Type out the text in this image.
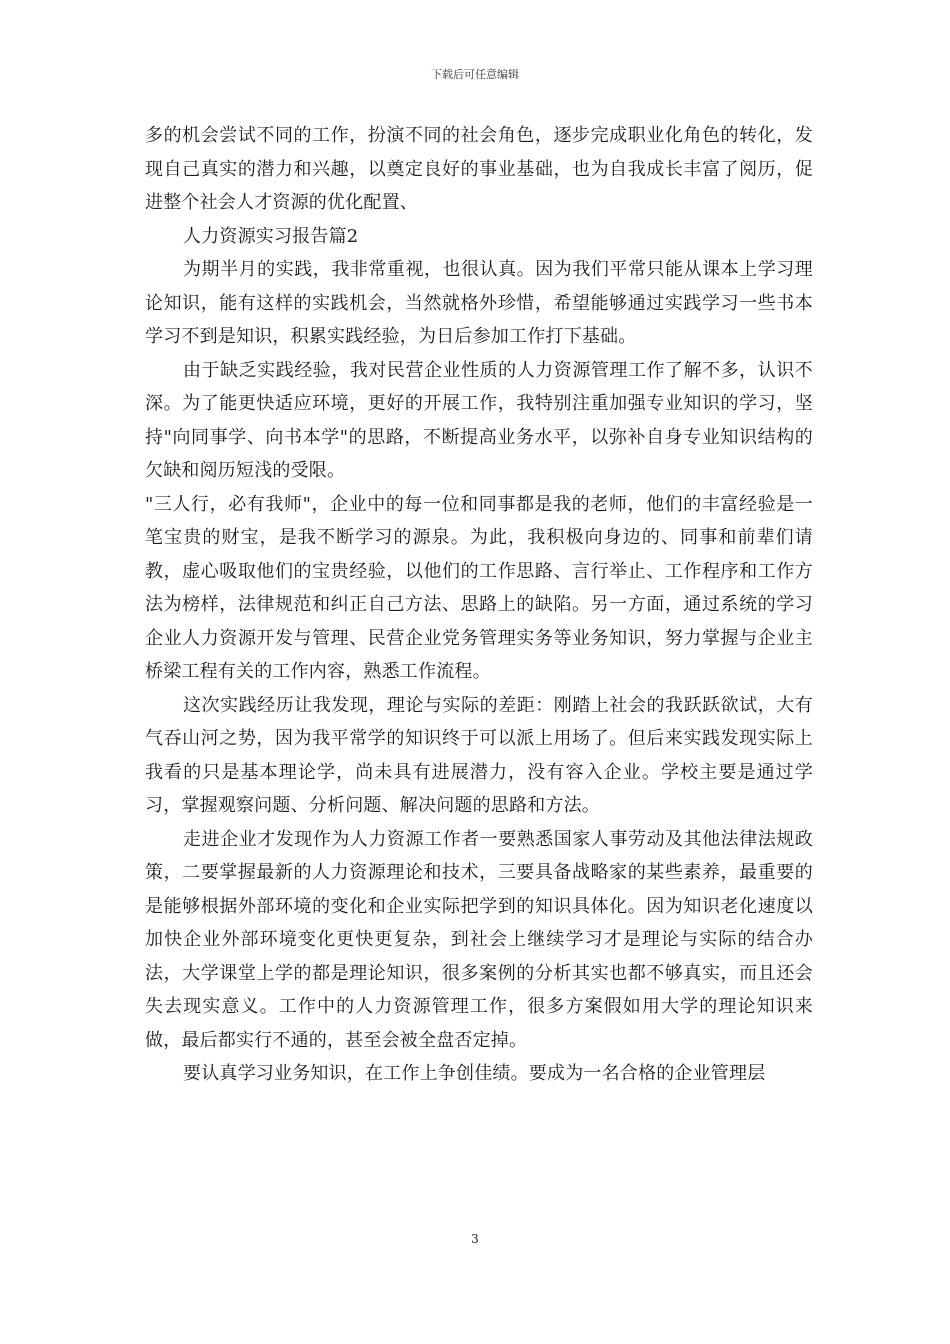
下载后可任意编辑

多的机会尝试不同的工作，扮演不同的社会角色，逐步完成职业化角色的转化，发现自己真实的潜力和兴趣，以奠定良好的事业基础，也为自我成长丰富了阅历，促进整个社会人才资源的优化配置、

人力资源实习报告篇2

为期半月的实践，我非常重视，也很认真。因为我们平常只能从课本上学习理论知识，能有这样的实践机会，当然就格外珍惜，希望能够通过实践学习一些书本学习不到是知识，积累实践经验，为日后参加工作打下基础。

由于缺乏实践经验，我对民营企业性质的人力资源管理工作了解不多，认识不深。为了能更快适应环境，更好的开展工作，我特别注重加强专业知识的学习，坚持"向同事学、向书本学"的思路，不断提高业务水平，以弥补自身专业知识结构的欠缺和阅历短浅的受限。

"三人行，必有我师"，企业中的每一位和同事都是我的老师，他们的丰富经验是一笔宝贵的财宝，是我不断学习的源泉。为此，我积极向身边的、同事和前辈们请教，虚心吸取他们的宝贵经验，以他们的工作思路、言行举止、工作程序和工作方法为榜样，法律规范和纠正自己方法、思路上的缺陷。另一方面，通过系统的学习企业人力资源开发与管理、民营企业党务管理实务等业务知识，努力掌握与企业主桥梁工程有关的工作内容，熟悉工作流程。

这次实践经历让我发现，理论与实际的差距：刚踏上社会的我跃跃欲试，大有气吞山河之势，因为我平常学的知识终于可以派上用场了。但后来实践发现实际上我看的只是基本理论学，尚未具有进展潜力，没有容入企业。学校主要是通过学习，掌握观察问题、分析问题、解决问题的思路和方法。

走进企业才发现作为人力资源工作者一要熟悉国家人事劳动及其他法律法规政策，二要掌握最新的人力资源理论和技术，三要具备战略家的某些素养，最重要的是能够根据外部环境的变化和企业实际把学到的知识具体化。因为知识老化速度以加快企业外部环境变化更快更复杂，到社会上继续学习才是理论与实际的结合办法，大学课堂上学的都是理论知识，很多案例的分析其实也都不够真实，而且还会失去现实意义。工作中的人力资源管理工作，很多方案假如用大学的理论知识来做，最后都实行不通的，甚至会被全盘否定掉。

要认真学习业务知识，在工作上争创佳绩。要成为一名合格的企业管理层

3
